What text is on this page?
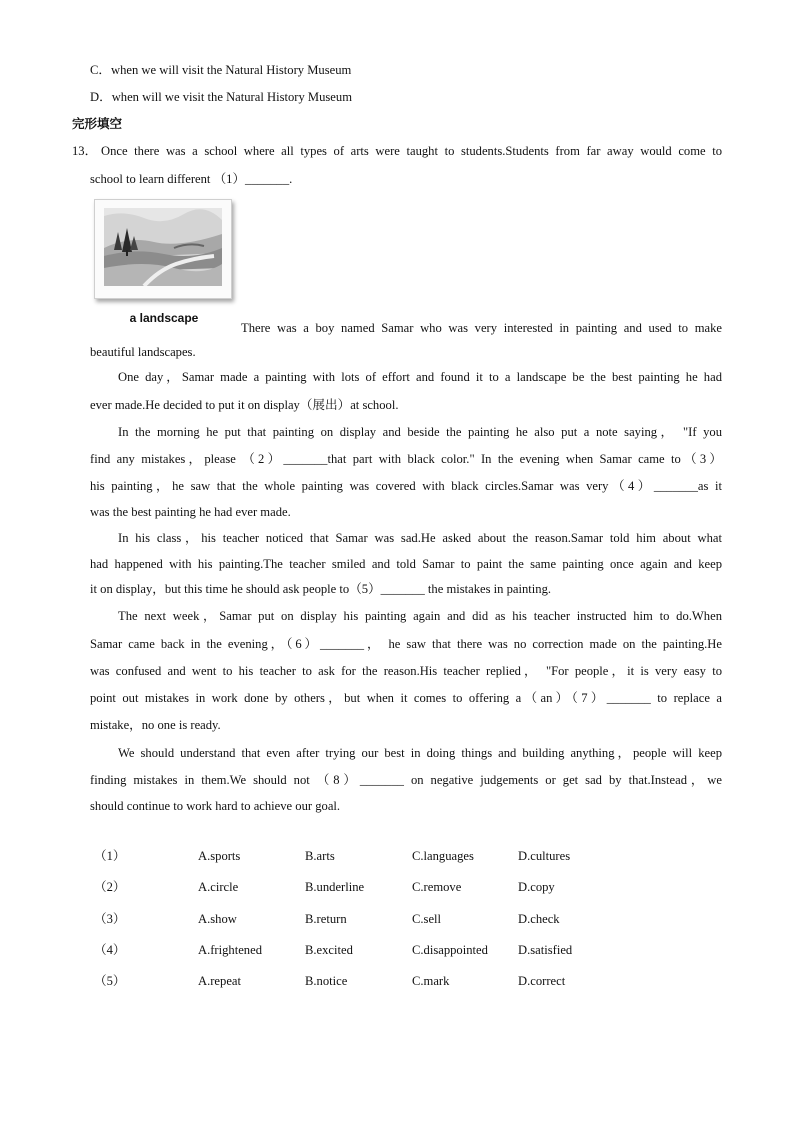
C．when we will visit the Natural History Museum
D．when will we visit the Natural History Museum
完形填空
13． Once there was a school where all types of arts were taught to students.Students from far away would come to
school to learn different （1）_______.
a landscape
There was a boy named Samar who was very interested in painting and used to make
beautiful landscapes.
One day，Samar made a painting with lots of effort and found it to a landscape be the best painting he had
ever made.He decided to put it on display（展出）at school.
In the morning he put that painting on display and beside the painting he also put a note saying， "If you
find any mistakes，please （2）_______that part with black color." In the evening when Samar came to（3）
his painting，he saw that the whole painting was covered with black circles.Samar was very（4）_______as it
was the best painting he had ever made.
In his class，his teacher noticed that Samar was sad.He asked about the reason.Samar told him about what
had happened with his painting.The teacher smiled and told Samar to paint the same painting once again and keep
it on display，but this time he should ask people to（5）_______ the mistakes in painting.
The next week，Samar put on display his painting again and did as his teacher instructed him to do.When
Samar came back in the evening，（6）_______， he saw that there was no correction made on the painting.He
was confused and went to his teacher to ask for the reason.His teacher replied， "For people，it is very easy to
point out mistakes in work done by others，but when it comes to offering a（an）（7）_______ to replace a
mistake，no one is ready.
We should understand that even after trying our best in doing things and building anything，people will keep
finding mistakes in them.We should not （8）_______ on negative judgements or get sad by that.Instead，we
should continue to work hard to achieve our goal.
（1）	A.sports	B.arts	C.languages	D.cultures
（2）	A.circle	B.underline	C.remove	D.copy
（3）	A.show	B.return	C.sell	D.check
（4）	A.frightened	B.excited	C.disappointed D.satisfied
（5）	A.repeat	B.notice	C.mark	D.correct
